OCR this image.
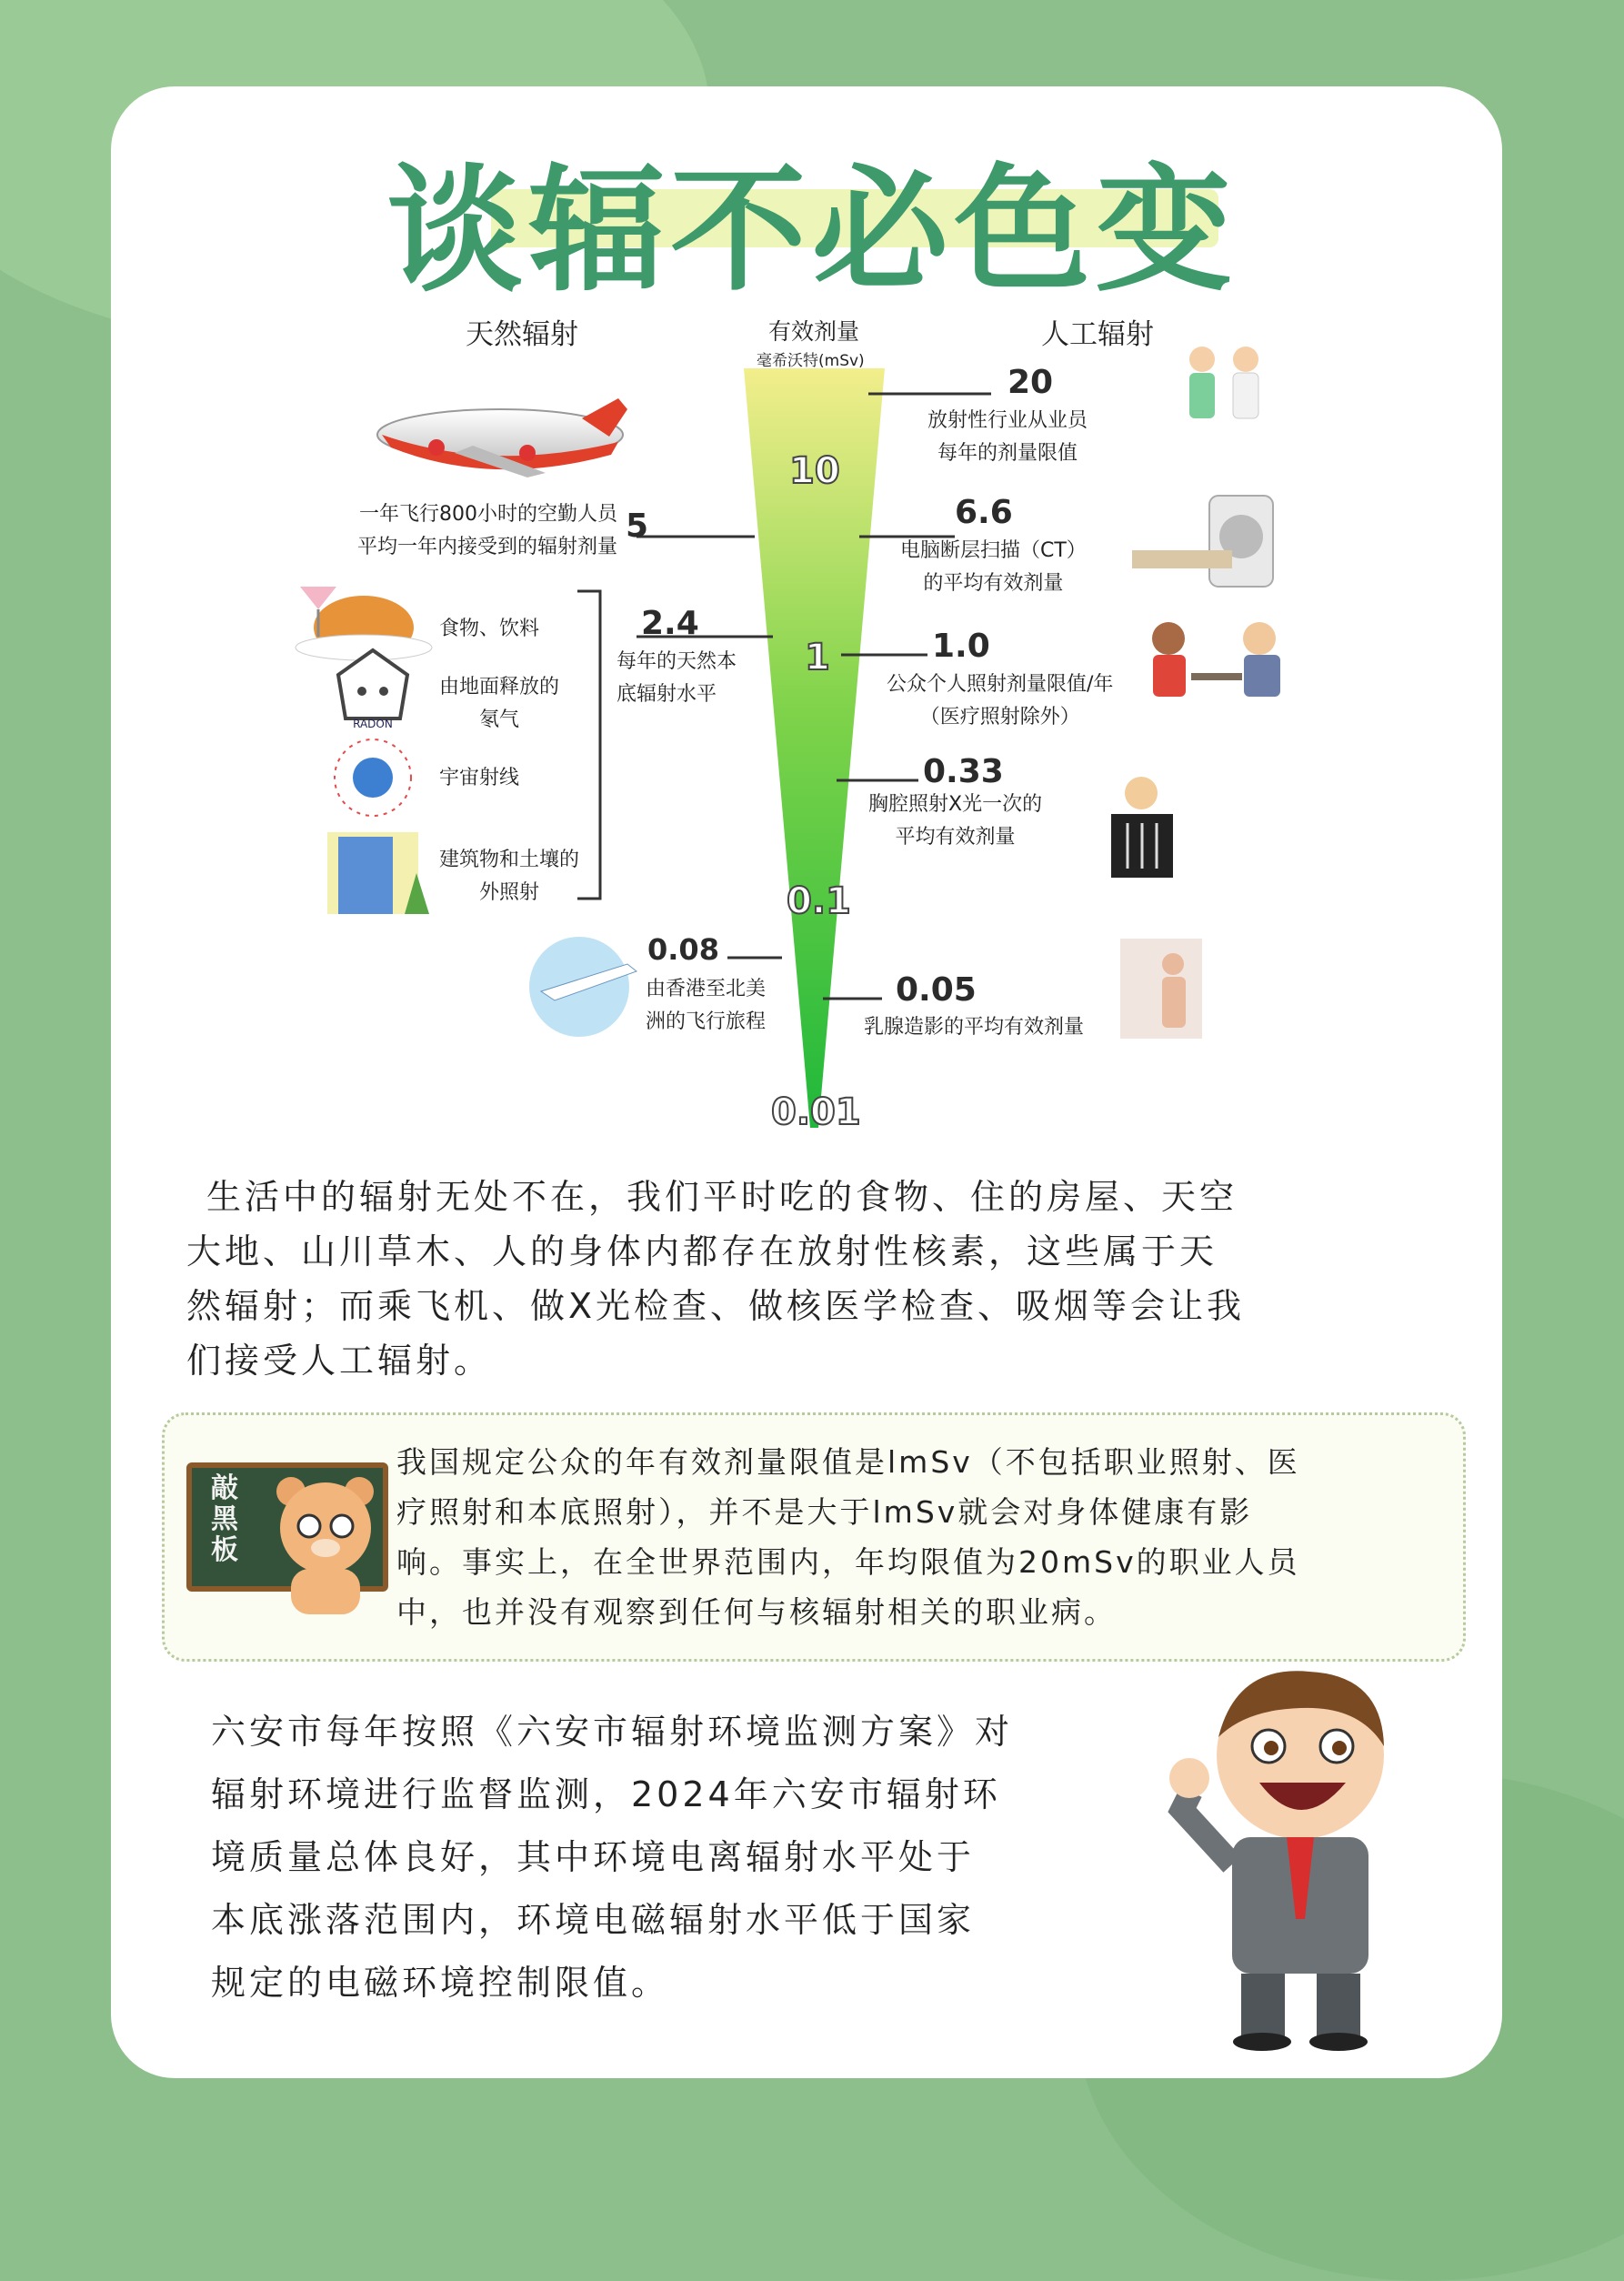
谈辐不必色变
RADON
天然辐射	有效剂量
毫希沃特(mSv)
人工辐射
10
1
0.1
0.01
5
一年飞行800小时的空勤人员
平均一年内接受到的辐射剂量
2.4
每年的天然本
底辐射水平
0.08
由香港至北美
洲的飞行旅程
食物、饮料
由地面释放的
氡气
宇宙射线
建筑物和土壤的
外照射
20
放射性行业从业员
每年的剂量限值
6.6
电脑断层扫描（CT）
的平均有效剂量
1.0
公众个人照射剂量限值/年
（医疗照射除外）
0.33
胸腔照射X光一次的
平均有效剂量
0.05
乳腺造影的平均有效剂量
生活中的辐射无处不在，我们平时吃的食物、住的房屋、天空
大地、山川草木、人的身体内都存在放射性核素，这些属于天
然辐射；而乘飞机、做X光检查、做核医学检查、吸烟等会让我
们接受人工辐射。
敲
黑
板
我国规定公众的年有效剂量限值是lmSv（不包括职业照射、医
疗照射和本底照射），并不是大于lmSv就会对身体健康有影
响。事实上，在全世界范围内，年均限值为20mSv的职业人员
中，也并没有观察到任何与核辐射相关的职业病。
六安市每年按照《六安市辐射环境监测方案》对
辐射环境进行监督监测，2024年六安市辐射环
境质量总体良好，其中环境电离辐射水平处于
本底涨落范围内，环境电磁辐射水平低于国家
规定的电磁环境控制限值。
